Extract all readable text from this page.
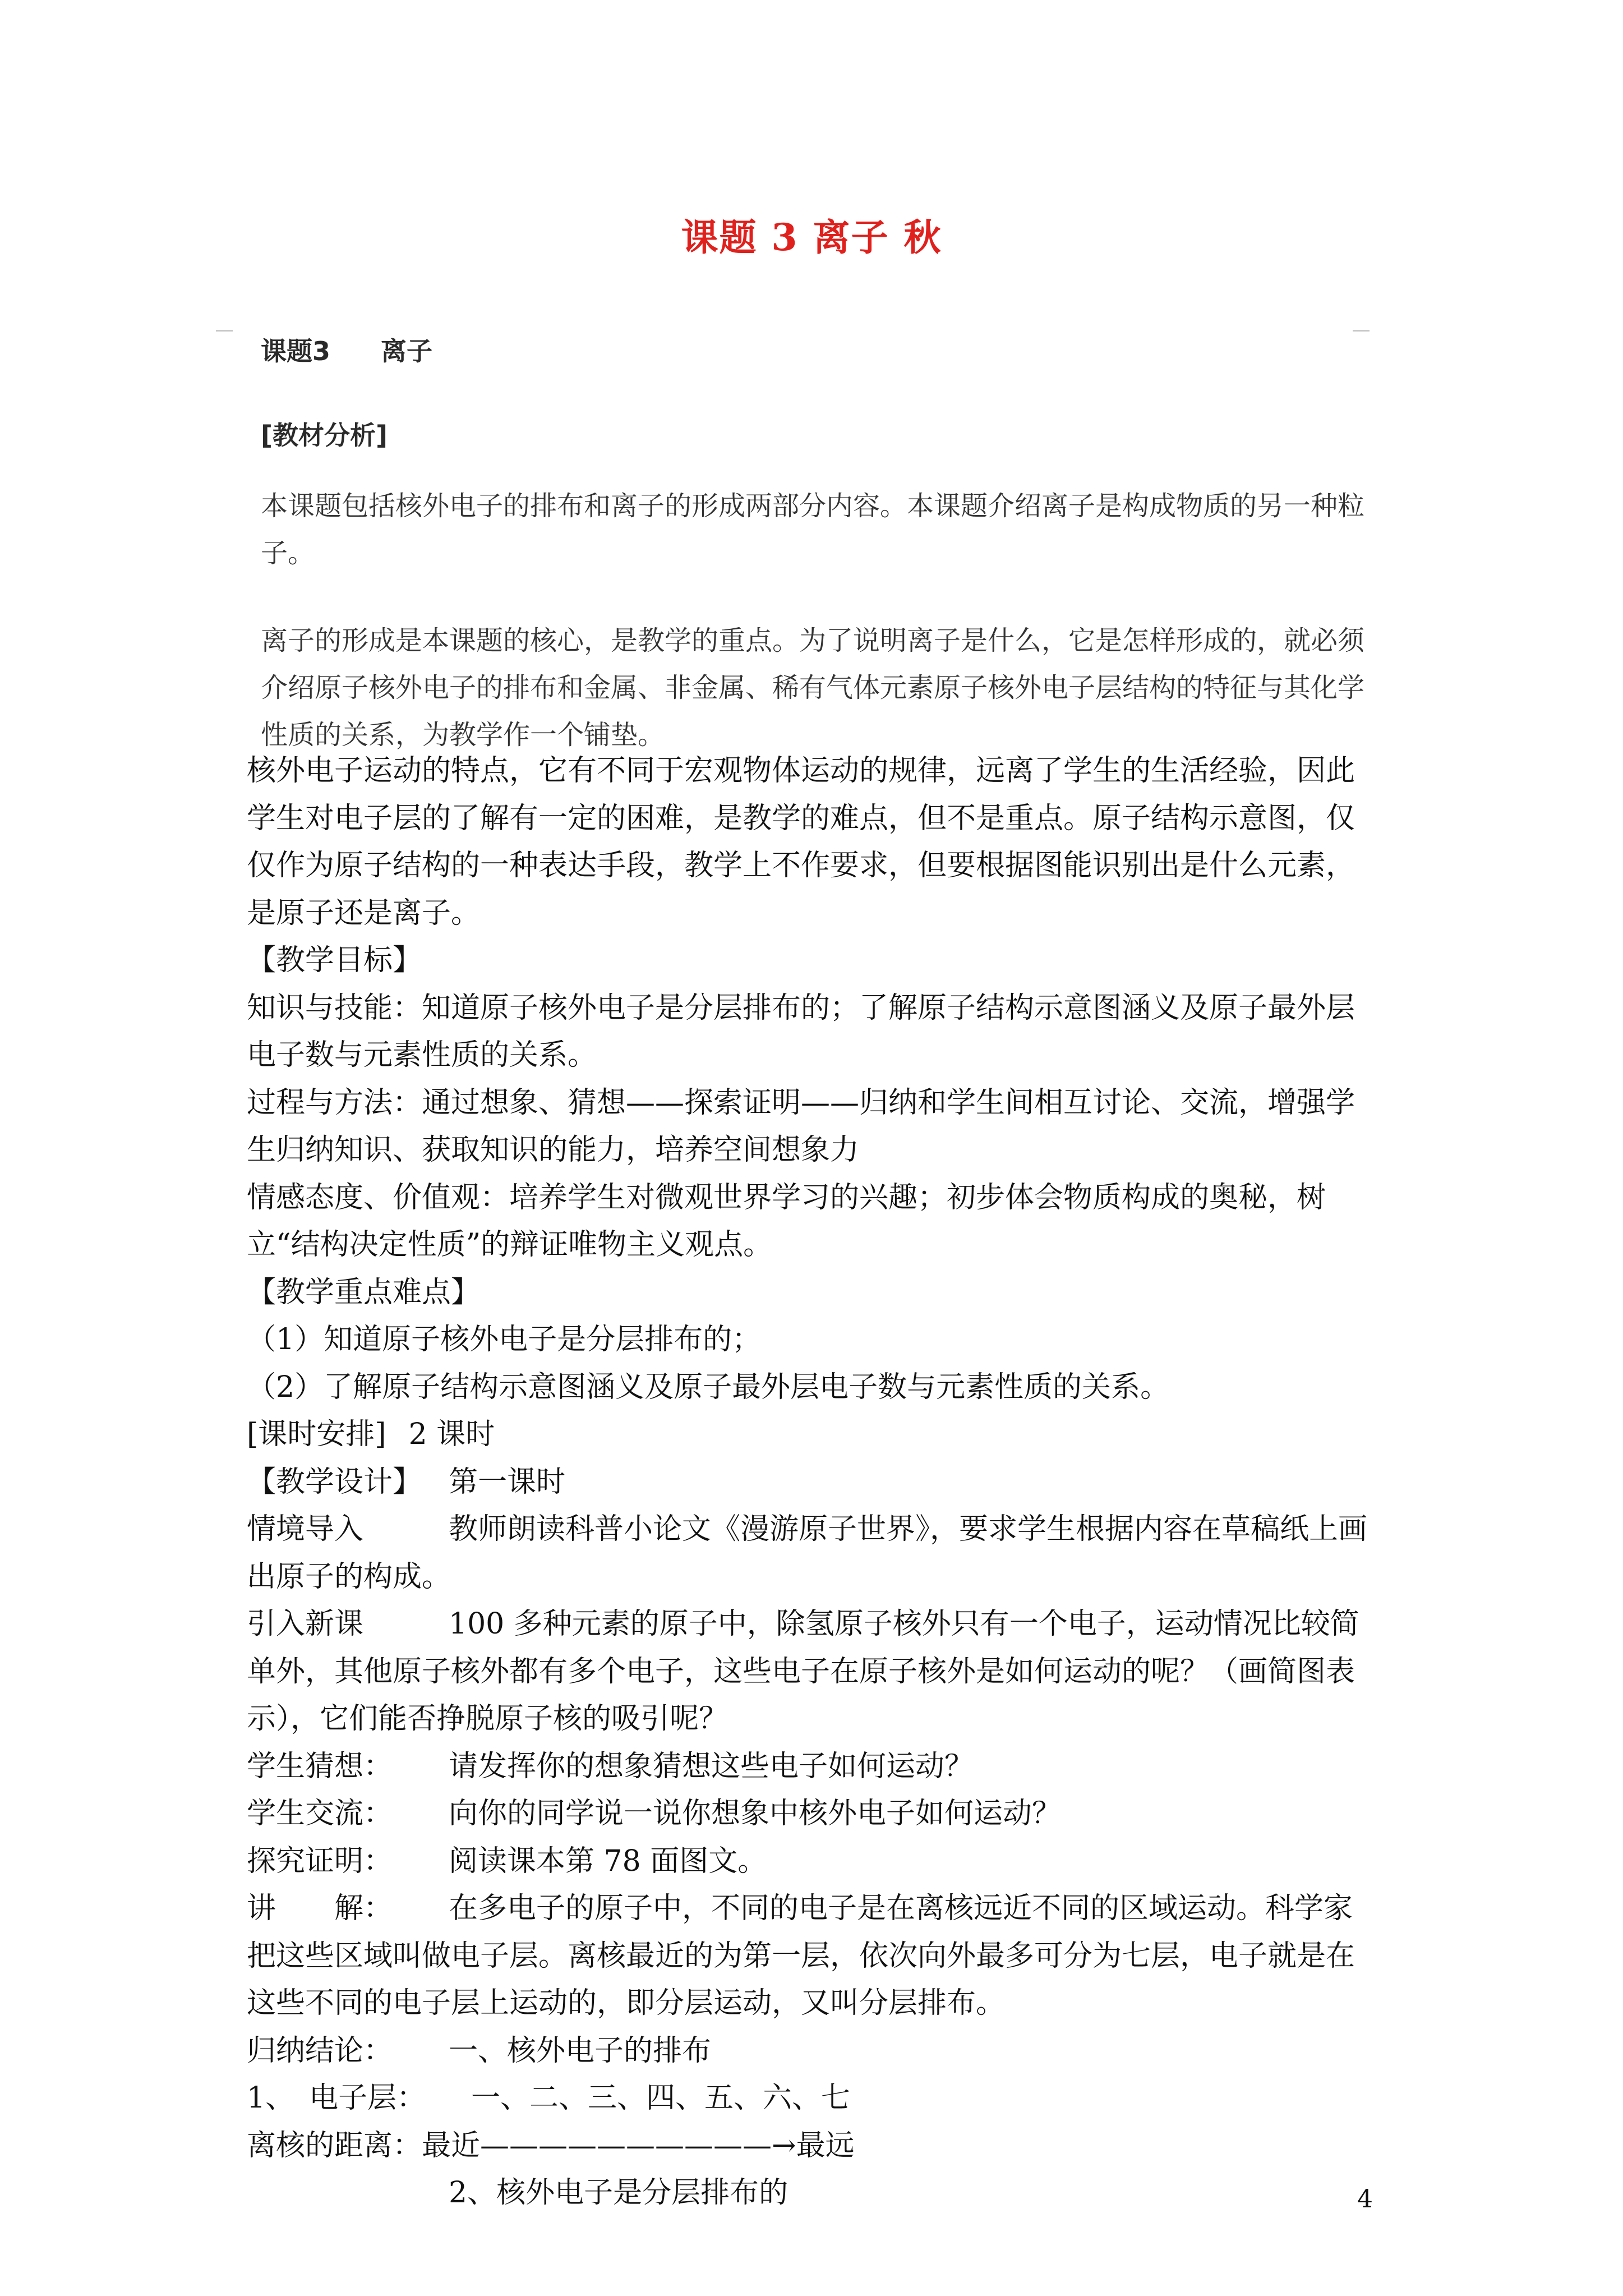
课题 3 离子 秋
课题3 离子
[教材分析]
本课题包括核外电子的排布和离子的形成两部分内容。本课题介绍离子是构成物质的另一种粒子。
离子的形成是本课题的核心，是教学的重点。为了说明离子是什么，它是怎样形成的，就必须介绍原子核外电子的排布和金属、非金属、稀有气体元素原子核外电子层结构的特征与其化学性质的关系，为教学作一个铺垫。

核外电子运动的特点，它有不同于宏观物体运动的规律，远离了学生的生活经验，因此学生对电子层的了解有一定的困难，是教学的难点，但不是重点。原子结构示意图，仅仅作为原子结构的一种表达手段，教学上不作要求，但要根据图能识别出是什么元素，是原子还是离子。

【教学目标】

知识与技能：知道原子核外电子是分层排布的；了解原子结构示意图涵义及原子最外层电子数与元素性质的关系。

过程与方法：通过想象、猜想——探索证明——归纳和学生间相互讨论、交流，增强学生归纳知识、获取知识的能力，培养空间想象力

情感态度、价值观：培养学生对微观世界学习的兴趣；初步体会物质构成的奥秘，树立“结构决定性质”的辩证唯物主义观点。

【教学重点难点】

（1）知道原子核外电子是分层排布的；

（2）了解原子结构示意图涵义及原子最外层电子数与元素性质的关系。

[课时安排] 2 课时

【教学设计】 第一课时

情境导入	教师朗读科普小论文《漫游原子世界》，要求学生根据内容在草稿纸上画出原子的构成。

引入新课	100 多种元素的原子中，除氢原子核外只有一个电子，运动情况比较简单外，其他原子核外都有多个电子，这些电子在原子核外是如何运动的呢？（画简图表示），它们能否挣脱原子核的吸引呢？

学生猜想： 请发挥你的想象猜想这些电子如何运动？

学生交流： 向你的同学说一说你想象中核外电子如何运动？

探究证明： 阅读课本第 78 面图文。

讲　　解： 在多电子的原子中，不同的电子是在离核远近不同的区域运动。科学家把这些区域叫做电子层。离核最近的为第一层，依次向外最多可分为七层，电子就是在这些不同的电子层上运动的，即分层运动，又叫分层排布。

归纳结论： 一、核外电子的排布

1、　电子层： 一、二、三、四、五、六、七

离核的距离：最近——————————→最远

2、核外电子是分层排布的	4
